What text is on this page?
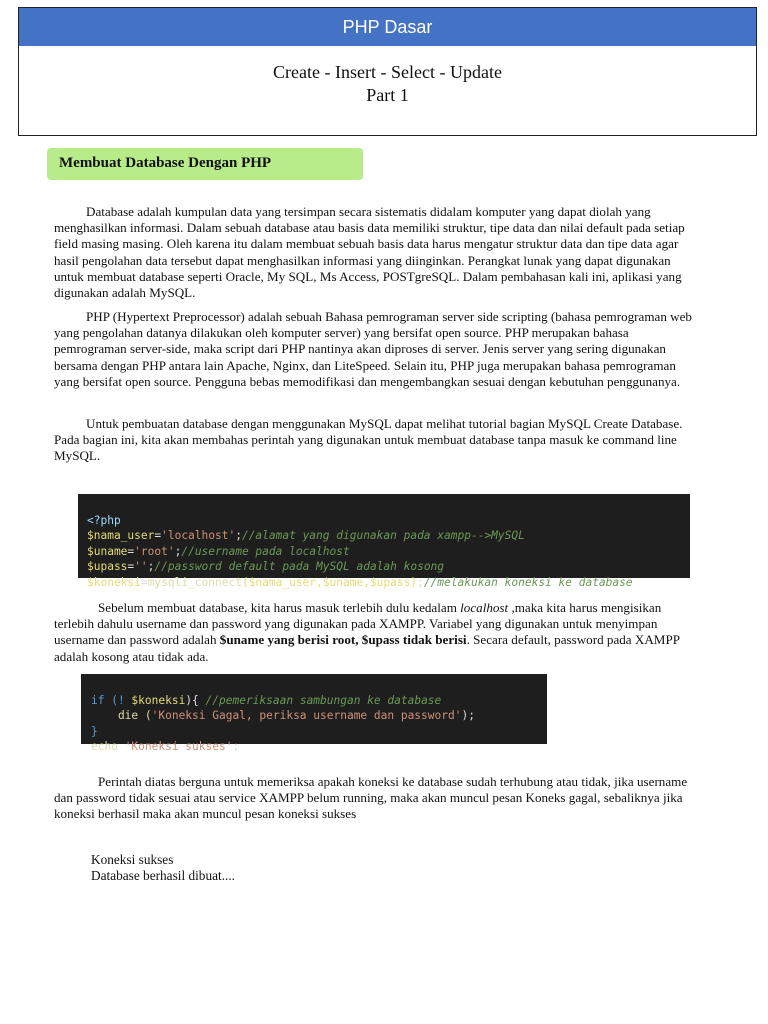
PHP Dasar
Create - Insert - Select - Update
Part 1
Membuat Database Dengan PHP

Database adalah kumpulan data yang tersimpan secara sistematis didalam komputer yang dapat diolah yang menghasilkan informasi. Dalam sebuah database atau basis data memiliki struktur, tipe data dan nilai default pada setiap field masing masing. Oleh karena itu dalam membuat sebuah basis data harus mengatur struktur data dan tipe data agar hasil pengolahan data tersebut dapat menghasilkan informasi yang diinginkan. Perangkat lunak yang dapat digunakan untuk membuat database seperti Oracle, My SQL, Ms Access, POSTgreSQL. Dalam pembahasan kali ini, aplikasi yang digunakan adalah MySQL.

PHP (Hypertext Preprocessor) adalah sebuah Bahasa pemrograman server side scripting (bahasa pemrograman web yang pengolahan datanya dilakukan oleh komputer server) yang bersifat open source. PHP merupakan bahasa pemrograman server-side, maka script dari PHP nantinya akan diproses di server. Jenis server yang sering digunakan bersama dengan PHP antara lain Apache, Nginx, dan LiteSpeed. Selain itu, PHP juga merupakan bahasa pemrograman yang bersifat open source. Pengguna bebas memodifikasi dan mengembangkan sesuai dengan kebutuhan penggunanya.

Untuk pembuatan database dengan menggunakan MySQL dapat melihat tutorial bagian MySQL Create Database. Pada bagian ini, kita akan membahas perintah yang digunakan untuk membuat database tanpa masuk ke command line MySQL.

<?php
$nama_user='localhost';//alamat yang digunakan pada xampp-->MySQL
$uname='root';//username pada localhost
$upass='';//password default pada MySQL adalah kosong
$koneksi=mysqli_connect($nama_user,$uname,$upass);//melakukan koneksi ke database

Sebelum membuat database, kita harus masuk terlebih dulu kedalam localhost ,maka kita harus mengisikan terlebih dahulu username dan password yang digunakan pada XAMPP. Variabel yang digunakan untuk menyimpan username dan password adalah $uname yang berisi root, $upass tidak berisi. Secara default, password pada XAMPP adalah kosong atau tidak ada.

if (! $koneksi){ //pemeriksaan sambungan ke database
die ('Koneksi Gagal, periksa username dan password');
}
echo 'Koneksi sukses';

Perintah diatas berguna untuk memeriksa apakah koneksi ke database sudah terhubung atau tidak, jika username dan password tidak sesuai atau service XAMPP belum running, maka akan muncul pesan Koneks gagal, sebaliknya jika koneksi berhasil maka akan muncul pesan koneksi sukses

Koneksi sukses
Database berhasil dibuat....
